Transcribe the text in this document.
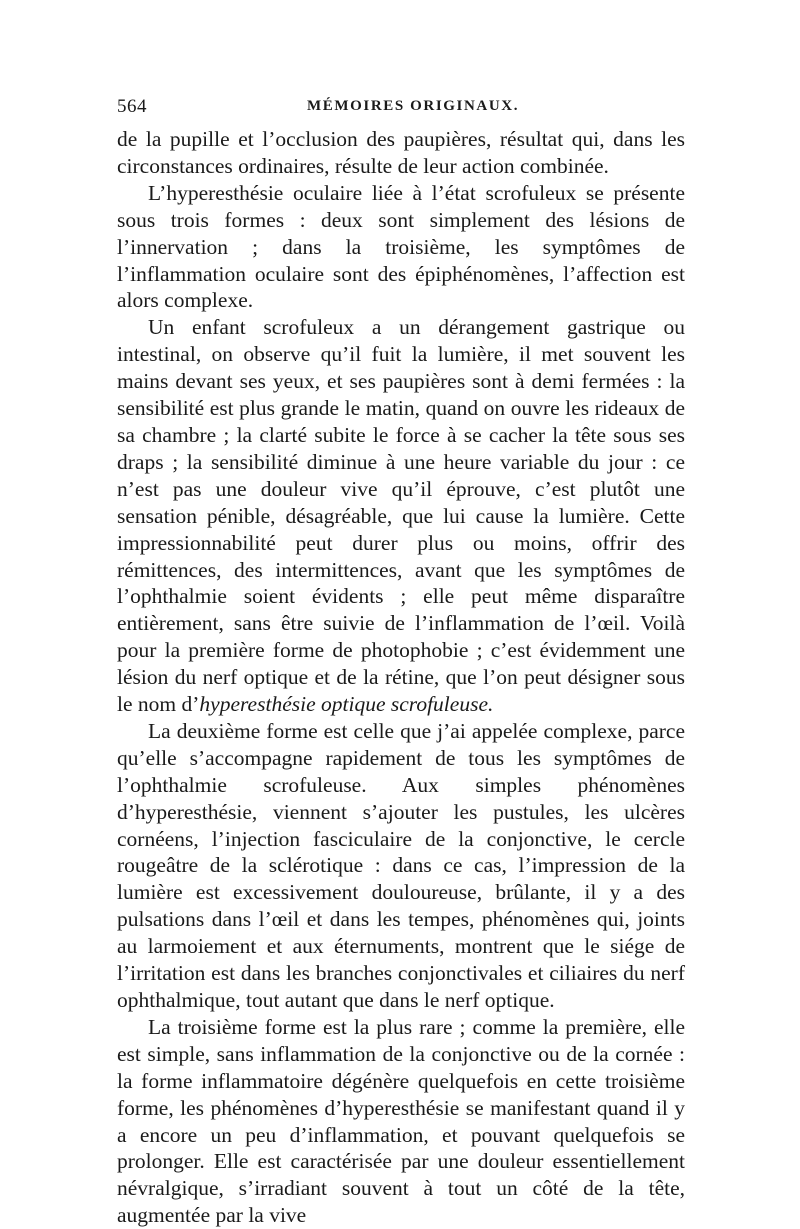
564	MÉMOIRES ORIGINAUX.

de la pupille et l’occlusion des paupières, résultat qui, dans les circonstances ordinaires, résulte de leur action combinée.

L’hyperesthésie oculaire liée à l’état scrofuleux se présente sous trois formes : deux sont simplement des lésions de l’innervation ; dans la troisième, les symptômes de l’inflammation oculaire sont des épiphénomènes, l’affection est alors complexe.

Un enfant scrofuleux a un dérangement gastrique ou intestinal, on observe qu’il fuit la lumière, il met souvent les mains devant ses yeux, et ses paupières sont à demi fermées : la sensibilité est plus grande le matin, quand on ouvre les rideaux de sa chambre ; la clarté subite le force à se cacher la tête sous ses draps ; la sensibilité diminue à une heure variable du jour : ce n’est pas une douleur vive qu’il éprouve, c’est plutôt une sensation pénible, désagréable, que lui cause la lumière. Cette impressionnabilité peut durer plus ou moins, offrir des rémittences, des intermittences, avant que les symptômes de l’ophthalmie soient évidents ; elle peut même disparaître entièrement, sans être suivie de l’inflammation de l’œil. Voilà pour la première forme de photophobie ; c’est évidemment une lésion du nerf optique et de la rétine, que l’on peut désigner sous le nom d’hyperesthésie optique scrofuleuse.

La deuxième forme est celle que j’ai appelée complexe, parce qu’elle s’accompagne rapidement de tous les symptômes de l’ophthalmie scrofuleuse. Aux simples phénomènes d’hyperesthésie, viennent s’ajouter les pustules, les ulcères cornéens, l’injection fasciculaire de la conjonctive, le cercle rougeâtre de la sclérotique : dans ce cas, l’impression de la lumière est excessivement douloureuse, brûlante, il y a des pulsations dans l’œil et dans les tempes, phénomènes qui, joints au larmoiement et aux éternuments, montrent que le siége de l’irritation est dans les branches conjonctivales et ciliaires du nerf ophthalmique, tout autant que dans le nerf optique.

La troisième forme est la plus rare ; comme la première, elle est simple, sans inflammation de la conjonctive ou de la cornée : la forme inflammatoire dégénère quelquefois en cette troisième forme, les phénomènes d’hyperesthésie se manifestant quand il y a encore un peu d’inflammation, et pouvant quelquefois se prolonger. Elle est caractérisée par une douleur essentiellement névralgique, s’irradiant souvent à tout un côté de la tête, augmentée par la vive
